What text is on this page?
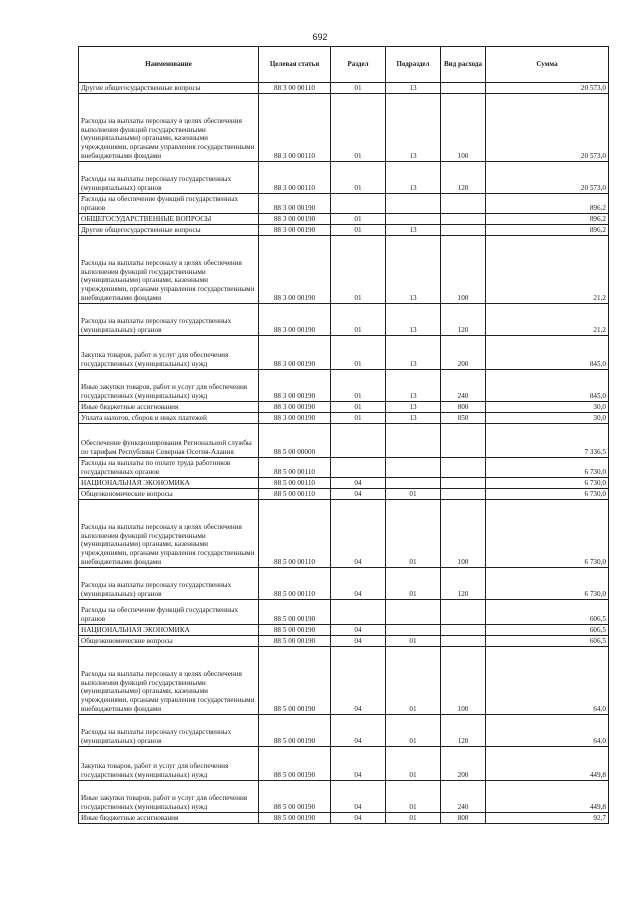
692
Наименование	Целевая статья	Раздел	Подраздел	Вид расхода	Сумма
Другие общегосударственные вопросы	88 3 00 00110	01	13		20 573,0
Расходы на выплаты персоналу в целях обеспечения выполнения функций государственными (муниципальными) органами, казенными учреждениями, органами управления государственными внебюджетными фондами	88 3 00 00110	01	13	100	20 573,0
Расходы на выплаты персоналу государственных (муниципальных) органов	88 3 00 00110	01	13	120	20 573,0
Расходы на обеспечение функций государственных органов	88 3 00 00190				896,2
ОБЩЕГОСУДАРСТВЕННЫЕ ВОПРОСЫ	88 3 00 00190	01			896,2
Другие общегосударственные вопросы	88 3 00 00190	01	13		896,2
Расходы на выплаты персоналу в целях обеспечения выполнения функций государственными (муниципальными) органами, казенными учреждениями, органами управления государственными внебюджетными фондами	88 3 00 00190	01	13	100	21,2
Расходы на выплаты персоналу государственных (муниципальных) органов	88 3 00 00190	01	13	120	21,2
Закупка товаров, работ и услуг для обеспечения государственных (муниципальных) нужд	88 3 00 00190	01	13	200	845,0
Иные закупки товаров, работ и услуг для обеспечения государственных (муниципальных) нужд	88 3 00 00190	01	13	240	845,0
Иные бюджетные ассигнования	88 3 00 00190	01	13	800	30,0
Уплата налогов, сборов и иных платежей	88 3 00 00190	01	13	850	30,0
Обеспечение функционирования Региональной службы по тарифам Республики Северная Осетия-Алания	88 5 00 00000				7 336,5
Расходы на выплаты по оплате труда работников государственных органов	88 5 00 00110				6 730,0
НАЦИОНАЛЬНАЯ ЭКОНОМИКА	88 5 00 00110	04			6 730,0
Общеэкономические вопросы	88 5 00 00110	04	01		6 730,0
Расходы на выплаты персоналу в целях обеспечения выполнения функций государственными (муниципальными) органами, казенными учреждениями, органами управления государственными внебюджетными фондами	88 5 00 00110	04	01	100	6 730,0
Расходы на выплаты персоналу государственных (муниципальных) органов	88 5 00 00110	04	01	120	6 730,0
Расходы на обеспечение функций государственных органов	88 5 00 00190				606,5
НАЦИОНАЛЬНАЯ ЭКОНОМИКА	88 5 00 00190	04			606,5
Общеэкономические вопросы	88 5 00 00190	04	01		606,5
Расходы на выплаты персоналу в целях обеспечения выполнения функций государственными (муниципальными) органами, казенными учреждениями, органами управления государственными внебюджетными фондами	88 5 00 00190	04	01	100	64,0
Расходы на выплаты персоналу государственных (муниципальных) органов	88 5 00 00190	04	01	120	64,0
Закупка товаров, работ и услуг для обеспечения государственных (муниципальных) нужд	88 5 00 00190	04	01	200	449,8
Иные закупки товаров, работ и услуг для обеспечения государственных (муниципальных) нужд	88 5 00 00190	04	01	240	449,8
Иные бюджетные ассигнования	88 5 00 00190	04	01	800	92,7
